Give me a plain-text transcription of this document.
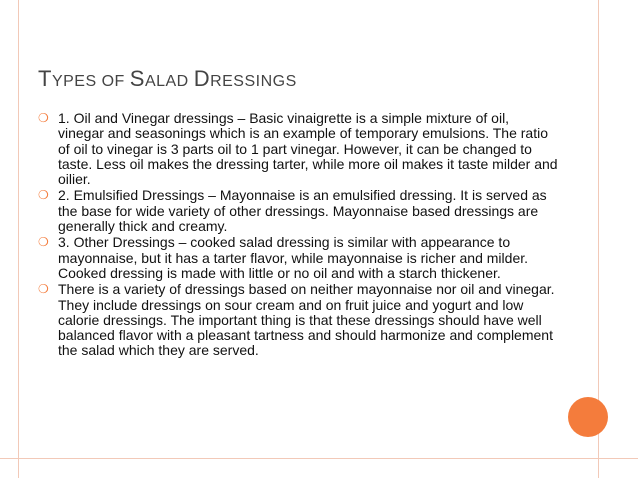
TYPES OF SALAD DRESSINGS
❍ 1. Oil and Vinegar dressings – Basic vinaigrette is a simple mixture of oil, vinegar and seasonings which is an example of temporary emulsions. The ratio of oil to vinegar is 3 parts oil to 1 part vinegar. However, it can be changed to taste. Less oil makes the dressing tarter, while more oil makes it taste milder and oilier.
❍ 2. Emulsified Dressings – Mayonnaise is an emulsified dressing. It is served as the base for wide variety of other dressings. Mayonnaise based dressings are generally thick and creamy.
❍ 3. Other Dressings – cooked salad dressing is similar with appearance to mayonnaise, but it has a tarter flavor, while mayonnaise is richer and milder. Cooked dressing is made with little or no oil and with a starch thickener.
❍ There is a variety of dressings based on neither mayonnaise nor oil and vinegar. They include dressings on sour cream and on fruit juice and yogurt and low calorie dressings. The important thing is that these dressings should have well balanced flavor with a pleasant tartness and should harmonize and complement the salad which they are served.
